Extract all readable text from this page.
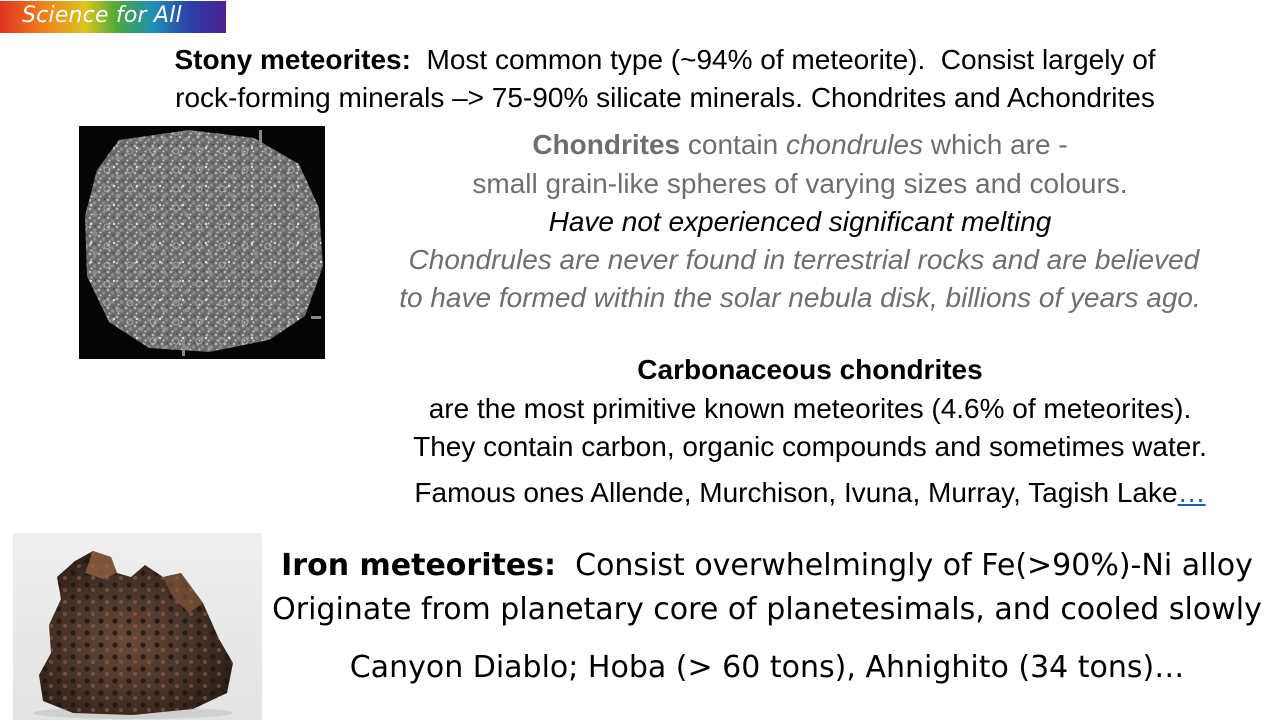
Science for All
Stony meteorites:  Most common type (~94% of meteorite).  Consist largely of
rock-forming minerals –> 75-90% silicate minerals. Chondrites and Achondrites
Chondrites contain chondrules which are -
small grain-like spheres of varying sizes and colours.
Have not experienced significant melting
Chondrules are never found in terrestrial rocks and are believed
to have formed within the solar nebula disk, billions of years ago.
Carbonaceous chondrites
are the most primitive known meteorites (4.6% of meteorites).
They contain carbon, organic compounds and sometimes water.
Famous ones Allende, Murchison, Ivuna, Murray, Tagish Lake…
Iron meteorites:  Consist overwhelmingly of Fe(>90%)-Ni alloy
Originate from planetary core of planetesimals, and cooled slowly
Canyon Diablo; Hoba (> 60 tons), Ahnighito (34 tons)…
